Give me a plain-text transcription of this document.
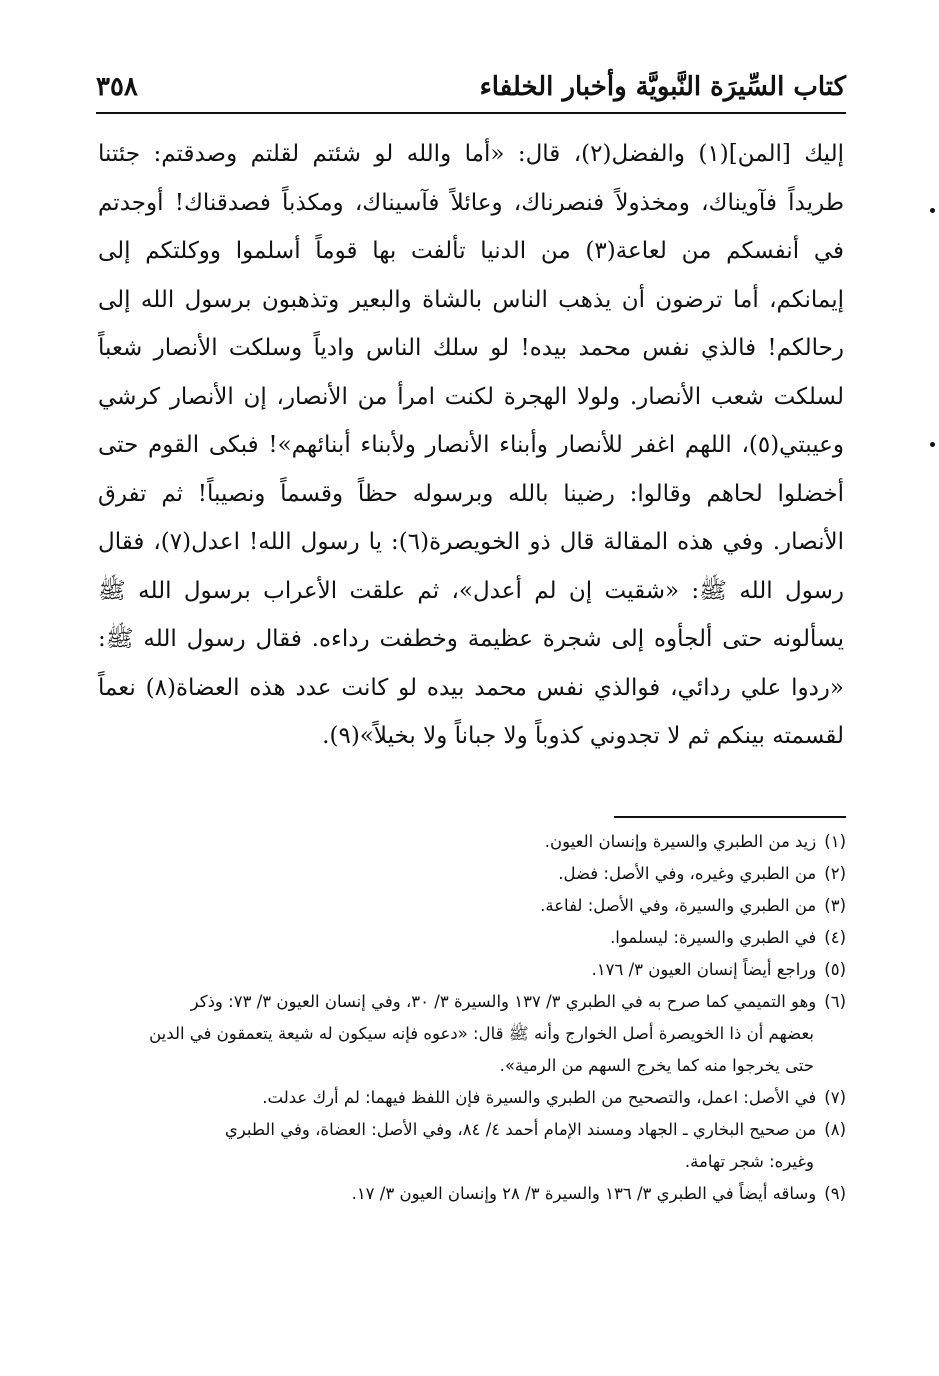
كتاب السِّيرَة النَّبويَّة وأخبار الخلفاء
٣٥٨

إليك [المن](١) والفضل(٢)، قال: «أما والله لو شئتم لقلتم وصدقتم: جئتنا طريداً فآويناك، ومخذولاً فنصرناك، وعائلاً فآسيناك، ومكذباً فصدقناك! أوجدتم في أنفسكم من لعاعة(٣) من الدنيا تألفت بها قوماً أسلموا ووكلتكم إلى إيمانكم، أما ترضون أن يذهب الناس بالشاة والبعير وتذهبون برسول الله إلى رحالكم! فالذي نفس محمد بيده! لو سلك الناس وادياً وسلكت الأنصار شعباً لسلكت شعب الأنصار. ولولا الهجرة لكنت امرأ من الأنصار، إن الأنصار كرشي وعيبتي(٥)، اللهم اغفر للأنصار وأبناء الأنصار ولأبناء أبنائهم»! فبكى القوم حتى أخضلوا لحاهم وقالوا: رضينا بالله وبرسوله حظاً وقسماً ونصيباً! ثم تفرق الأنصار. وفي هذه المقالة قال ذو الخويصرة(٦): يا رسول الله! اعدل(٧)، فقال رسول الله ﷺ: «شقيت إن لم أعدل»، ثم علقت الأعراب برسول الله ﷺ يسألونه حتى ألجأوه إلى شجرة عظيمة وخطفت رداءه. فقال رسول الله ﷺ: «ردوا علي ردائي، فوالذي نفس محمد بيده لو كانت عدد هذه العضاة(٨) نعماً لقسمته بينكم ثم لا تجدوني كذوباً ولا جباناً ولا بخيلاً»(٩).

(١)زيد من الطبري والسيرة وإنسان العيون.
(٢)من الطبري وغيره، وفي الأصل: فضل.
(٣)من الطبري والسيرة، وفي الأصل: لفاعة.
(٤)في الطبري والسيرة: ليسلموا.
(٥)وراجع أيضاً إنسان العيون ٣/ ١٧٦.
(٦)وهو التميمي كما صرح به في الطبري ٣/ ١٣٧ والسيرة ٣/ ٣٠، وفي إنسان العيون ٣/ ٧٣: وذكر
بعضهم أن ذا الخويصرة أصل الخوارج وأنه ﷺ قال: «دعوه فإنه سيكون له شيعة يتعمقون في الدين
حتى يخرجوا منه كما يخرج السهم من الرمية».
(٧)في الأصل: اعمل، والتصحيح من الطبري والسيرة فإن اللفظ فيهما: لم أرك عدلت.
(٨)من صحيح البخاري ـ الجهاد ومسند الإمام أحمد ٤/ ٨٤، وفي الأصل: العضاة، وفي الطبري
وغيره: شجر تهامة.
(٩)وساقه أيضاً في الطبري ٣/ ١٣٦ والسيرة ٣/ ٢٨ وإنسان العيون ٣/ ١٧.
